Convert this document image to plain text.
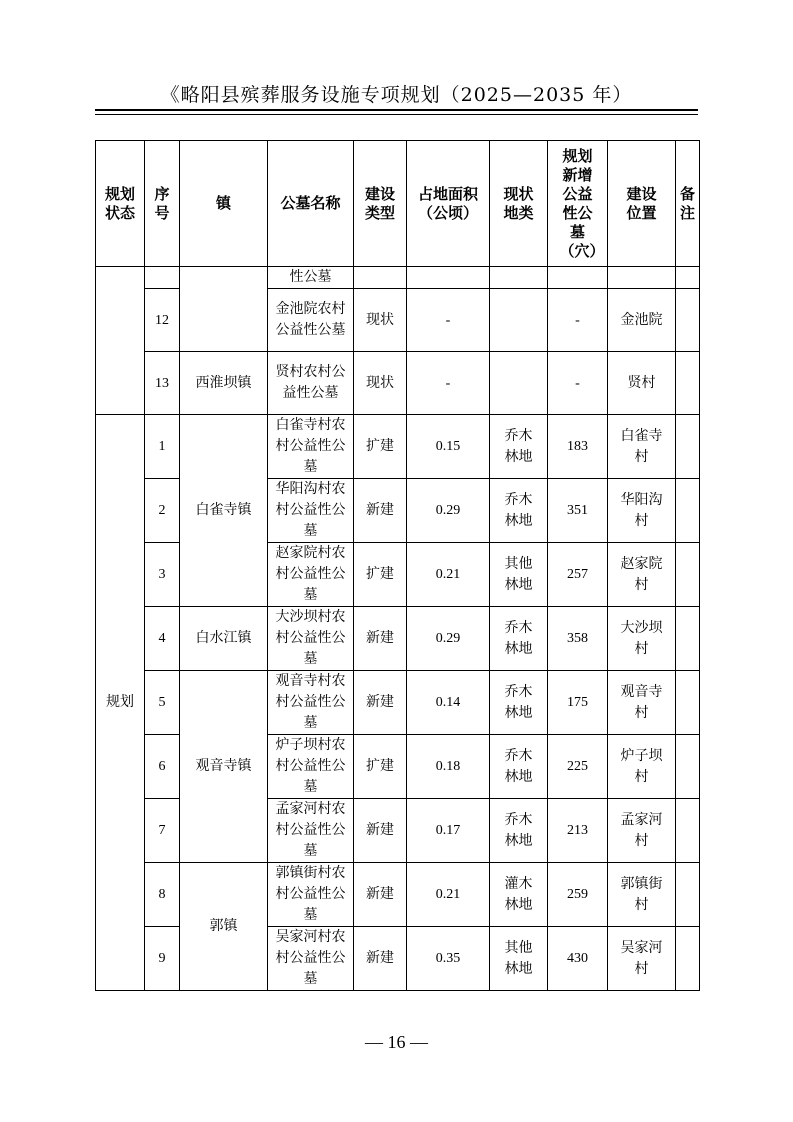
《略阳县殡葬服务设施专项规划（2025—2035 年）
规划状态	序号	镇	公墓名称	建设类型	占地面积（公顷）	现状地类	规划新增公益性公墓（穴）	建设位置	备注
			性公墓						
	12		金池院农村公益性公墓	现状	-		-	金池院	
	13	西淮坝镇	贤村农村公益性公墓	现状	-		-	贤村	
规划	1	白雀寺镇	白雀寺村农村公益性公墓	扩建	0.15	乔木林地	183	白雀寺村	
	2		华阳沟村农村公益性公墓	新建	0.29	乔木林地	351	华阳沟村	
	3		赵家院村农村公益性公墓	扩建	0.21	其他林地	257	赵家院村	
	4	白水江镇	大沙坝村农村公益性公墓	新建	0.29	乔木林地	358	大沙坝村	
	5	观音寺镇	观音寺村农村公益性公墓	新建	0.14	乔木林地	175	观音寺村	
	6		炉子坝村农村公益性公墓	扩建	0.18	乔木林地	225	炉子坝村	
	7		孟家河村农村公益性公墓	新建	0.17	乔木林地	213	孟家河村	
	8	郭镇	郭镇街村农村公益性公墓	新建	0.21	灌木林地	259	郭镇街村	
	9		吴家河村农村公益性公墓	新建	0.35	其他林地	430	吴家河村	
— 16 —
